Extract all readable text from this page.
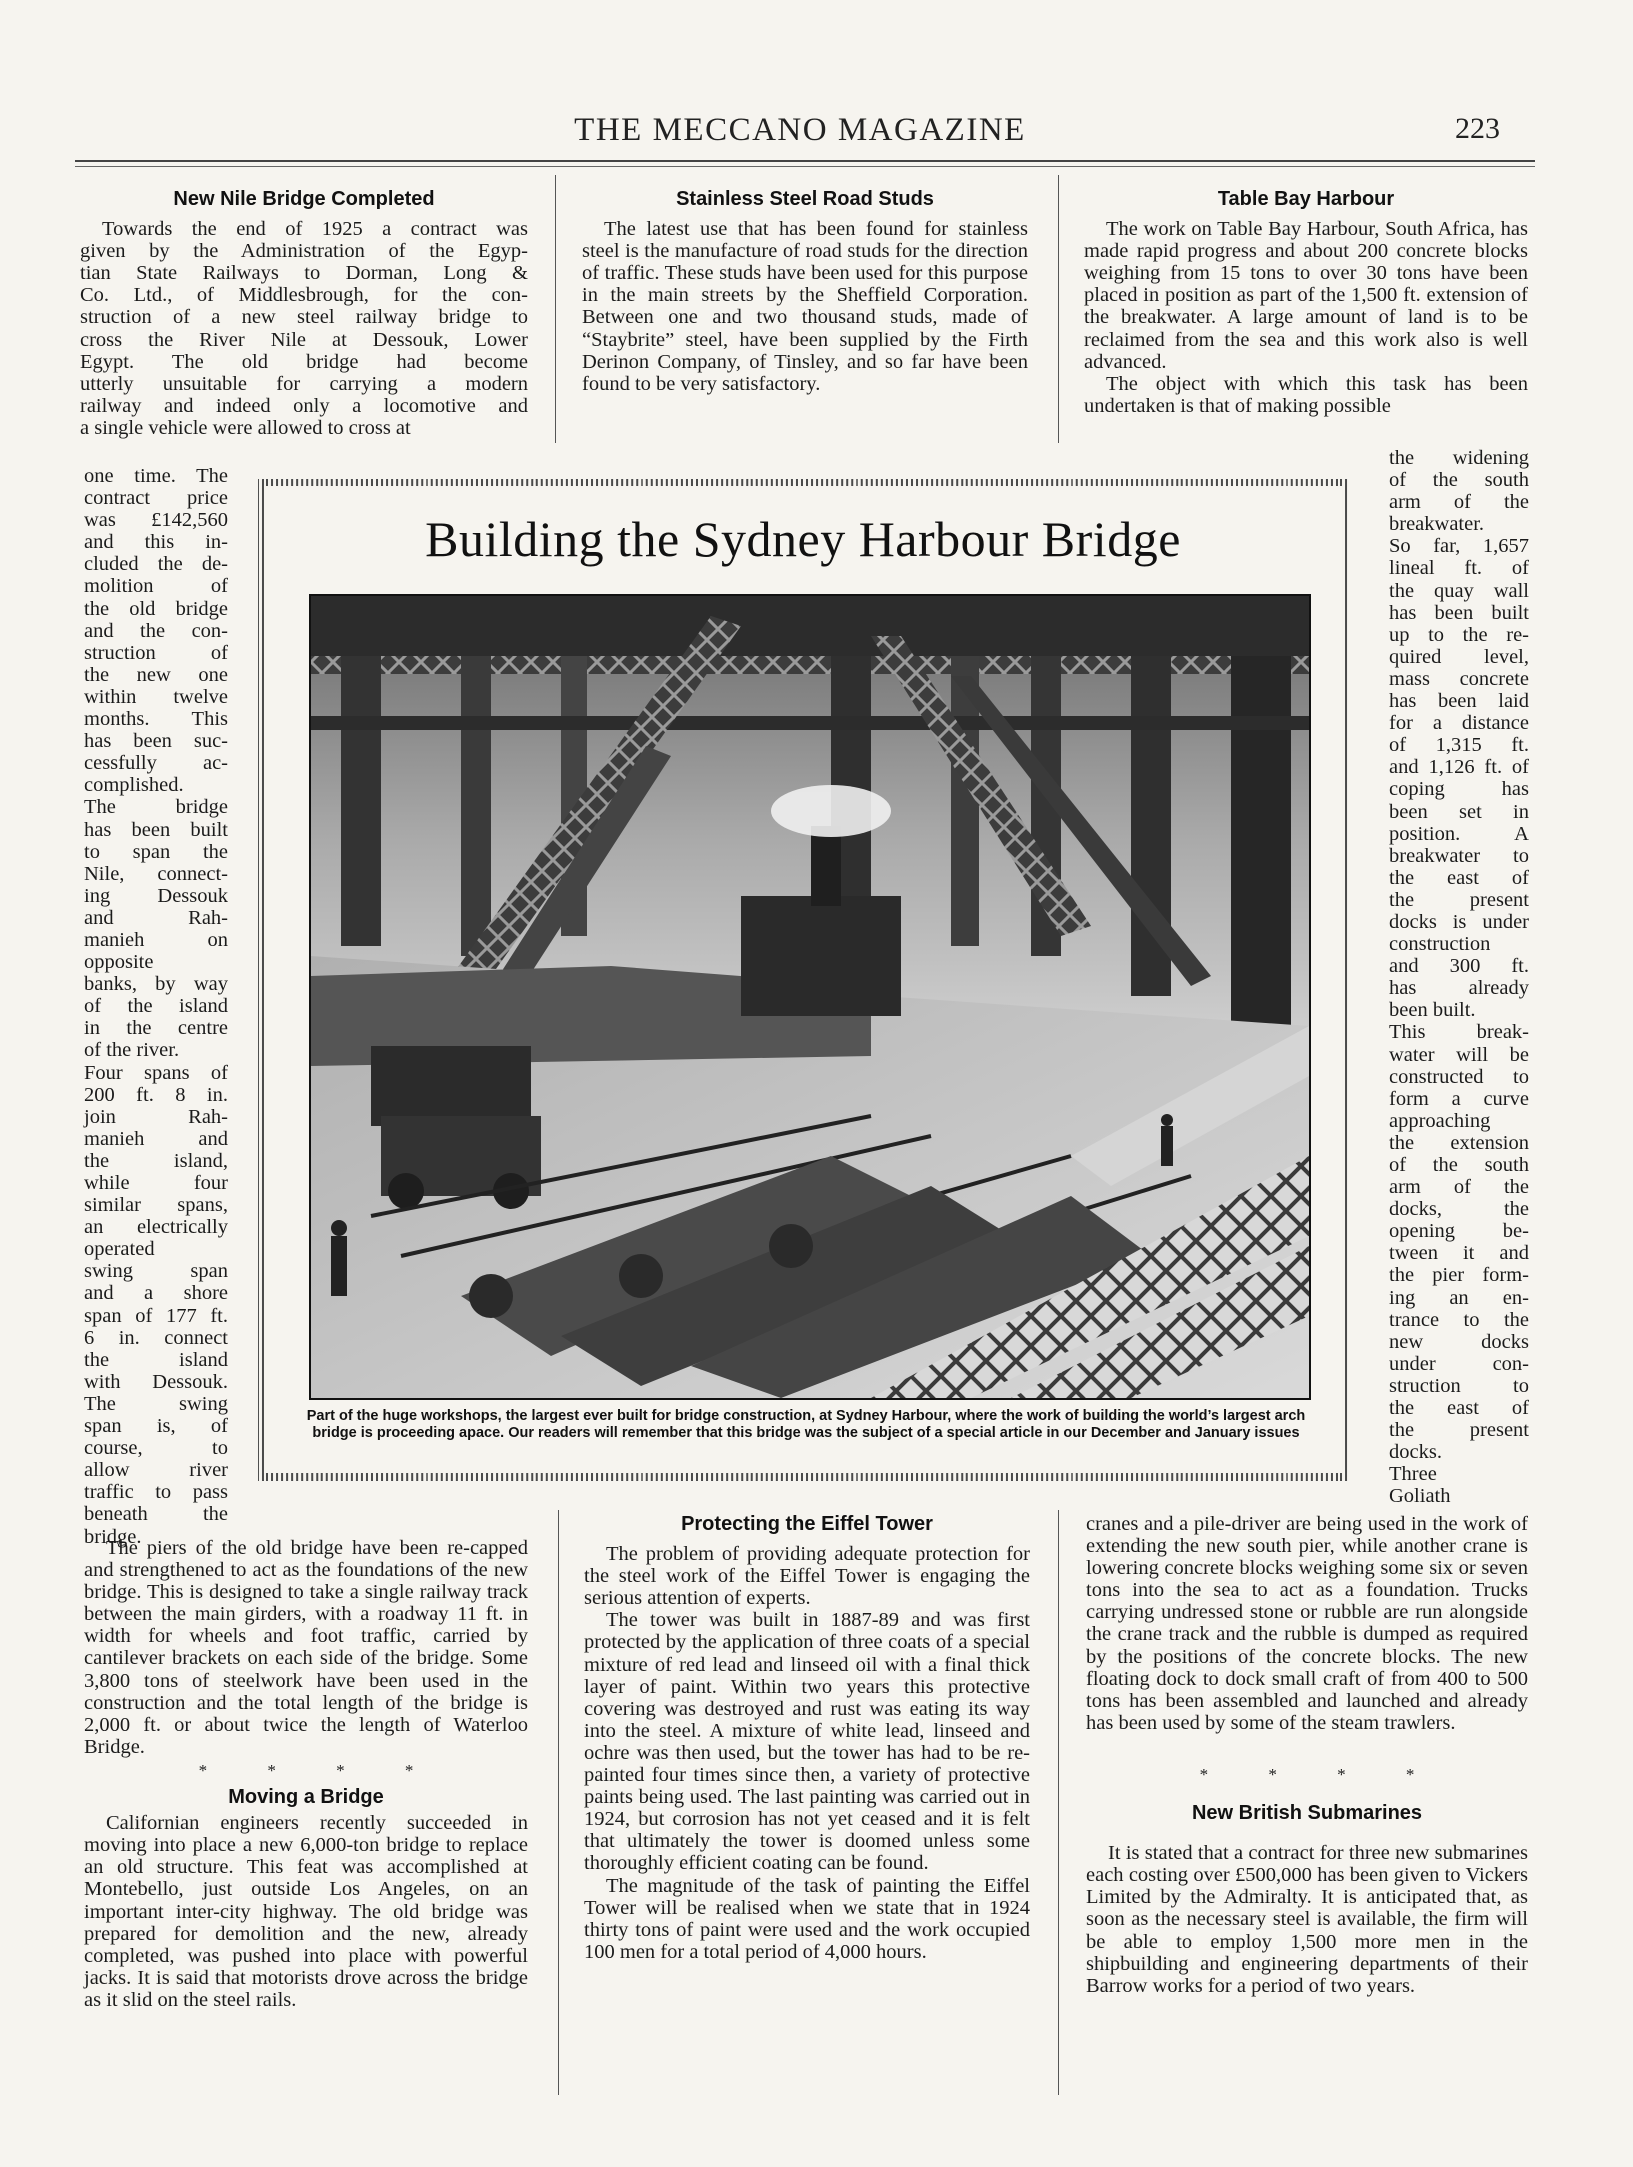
THE MECCANO MAGAZINE	223
New Nile Bridge Completed
Towards the end of 1925 a contract was
given by the Administration of the Egyp-
tian State Railways to Dorman, Long &
Co. Ltd., of Middlesbrough, for the con-
struction of a new steel railway bridge to
cross the River Nile at Dessouk, Lower
Egypt. The old bridge had become
utterly unsuitable for carrying a modern
railway and indeed only a locomotive and
a single vehicle were allowed to cross at
one time. The
contract price
was £142,560
and this in-
cluded the de-
molition of
the old bridge
and the con-
struction of
the new one
within twelve
months. This
has been suc-
cessfully ac-
complished.
The bridge
has been built
to span the
Nile, connect-
ing Dessouk
and Rah-
manieh on
opposite
banks, by way
of the island
in the centre
of the river.
Four spans of
200 ft. 8 in.
join Rah-
manieh and
the island,
while four
similar spans,
an electrically
operated
swing span
and a shore
span of 177 ft.
6 in. connect
the island
with Dessouk.
The swing
span is, of
course, to
allow river
traffic to pass
beneath the
bridge.

The piers of the old bridge have been re-capped and strengthened to act as the foundations of the new bridge. This is designed to take a single railway track between the main girders, with a roadway 11 ft. in width for wheels and foot traffic, carried by cantilever brackets on each side of the bridge. Some 3,800 tons of steelwork have been used in the construction and the total length of the bridge is 2,000 ft. or about twice the length of Waterloo Bridge.

* * * *
Moving a Bridge

Californian engineers recently succeeded in moving into place a new 6,000-ton bridge to replace an old structure. This feat was accomplished at Montebello, just outside Los Angeles, on an important inter-city highway. The old bridge was prepared for demolition and the new, already completed, was pushed into place with powerful jacks. It is said that motorists drove across the bridge as it slid on the steel rails.

Stainless Steel Road Studs

The latest use that has been found for stainless steel is the manufacture of road studs for the direction of traffic. These studs have been used for this purpose in the main streets by the Sheffield Corporation. Between one and two thousand studs, made of “Staybrite” steel, have been supplied by the Firth Derinon Company, of Tinsley, and so far have been found to be very satisfactory.

Protecting the Eiffel Tower

The problem of providing adequate protection for the steel work of the Eiffel Tower is engaging the serious attention of experts.

The tower was built in 1887-89 and was first protected by the application of three coats of a special mixture of red lead and linseed oil with a final thick layer of paint. Within two years this protective covering was destroyed and rust was eating its way into the steel. A mixture of white lead, linseed and ochre was then used, but the tower has had to be re-painted four times since then, a variety of protective paints being used. The last painting was carried out in 1924, but corrosion has not yet ceased and it is felt that ultimately the tower is doomed unless some thoroughly efficient coating can be found.

The magnitude of the task of painting the Eiffel Tower will be realised when we state that in 1924 thirty tons of paint were used and the work occupied 100 men for a total period of 4,000 hours.

Table Bay Harbour

The work on Table Bay Harbour, South Africa, has made rapid progress and about 200 concrete blocks weighing from 15 tons to over 30 tons have been placed in position as part of the 1,500 ft. extension of the breakwater. A large amount of land is to be reclaimed from the sea and this work also is well advanced.

The object with which this task has been undertaken is that of making possible

the widening
of the south
arm of the
breakwater.
So far, 1,657
lineal ft. of
the quay wall
has been built
up to the re-
quired level,
mass concrete
has been laid
for a distance
of 1,315 ft.
and 1,126 ft. of
coping has
been set in
position. A
breakwater to
the east of
the present
docks is under
construction
and 300 ft.
has already
been built.
This break-
water will be
constructed to
form a curve
approaching
the extension
of the south
arm of the
docks, the
opening be-
tween it and
the pier form-
ing an en-
trance to the
new docks
under con-
struction to
the east of
the present
docks.
Three
Goliath

cranes and a pile-driver are being used in the work of extending the new south pier, while another crane is lowering concrete blocks weighing some six or seven tons into the sea to act as a foundation. Trucks carrying undressed stone or rubble are run alongside the crane track and the rubble is dumped as required by the positions of the concrete blocks. The new floating dock to dock small craft of from 400 to 500 tons has been assembled and launched and already has been used by some of the steam trawlers.

* * * *
New British Submarines

It is stated that a contract for three new submarines each costing over £500,000 has been given to Vickers Limited by the Admiralty. It is anticipated that, as soon as the necessary steel is available, the firm will be able to employ 1,500 more men in the shipbuilding and engineering departments of their Barrow works for a period of two years.

Building the Sydney Harbour Bridge
Part of the huge workshops, the largest ever built for bridge construction, at Sydney Harbour, where the work of building the world’s largest arch bridge is proceeding apace. Our readers will remember that this bridge was the subject of a special article in our December and January issues
